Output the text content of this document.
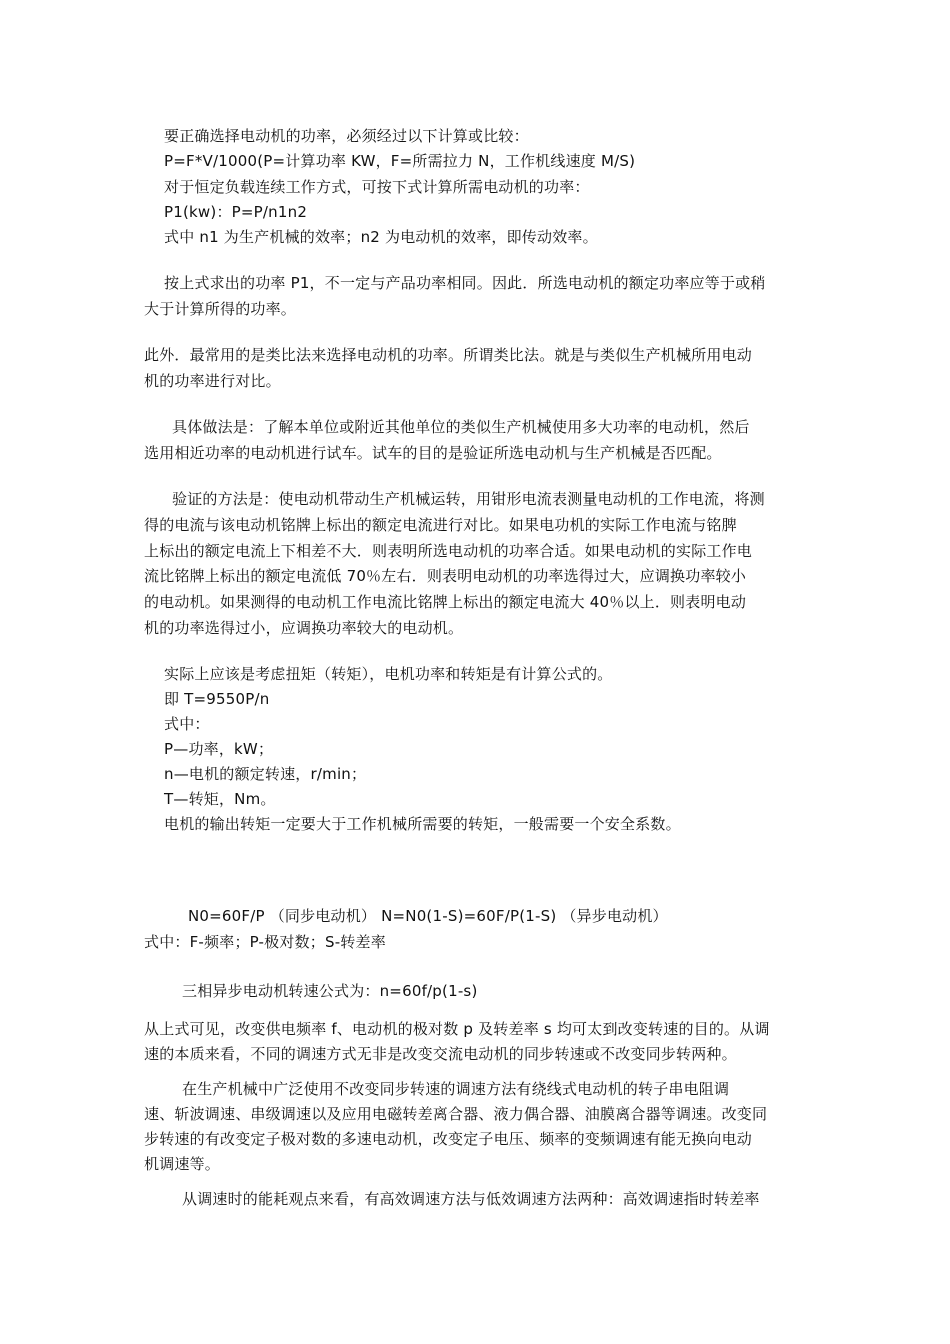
要正确选择电动机的功率，必须经过以下计算或比较：
P=F*V/1000(P=计算功率 KW，F=所需拉力 N，工作机线速度 M/S)
对于恒定负载连续工作方式，可按下式计算所需电动机的功率：
P1(kw)：P=P/n1n2
式中 n1 为生产机械的效率；n2 为电动机的效率，即传动效率。
按上式求出的功率 P1，不一定与产品功率相同。因此．所选电动机的额定功率应等于或稍
大于计算所得的功率。
此外．最常用的是类比法来选择电动机的功率。所谓类比法。就是与类似生产机械所用电动
机的功率进行对比。
具体做法是：了解本单位或附近其他单位的类似生产机械使用多大功率的电动机，然后
选用相近功率的电动机进行试车。试车的目的是验证所选电动机与生产机械是否匹配。
验证的方法是：使电动机带动生产机械运转，用钳形电流表测量电动机的工作电流，将测
得的电流与该电动机铭牌上标出的额定电流进行对比。如果电功机的实际工作电流与铭脾
上标出的额定电流上下相差不大．则表明所选电动机的功率合适。如果电动机的实际工作电
流比铭牌上标出的额定电流低 70％左右．则表明电动机的功率选得过大，应调换功率较小
的电动机。如果测得的电动机工作电流比铭牌上标出的额定电流大 40％以上．则表明电动
机的功率选得过小，应调换功率较大的电动机。
实际上应该是考虑扭矩（转矩），电机功率和转矩是有计算公式的。
即 T=9550P/n
式中：
P—功率，kW；
n—电机的额定转速，r/min；
T—转矩，Nm。
电机的输出转矩一定要大于工作机械所需要的转矩，一般需要一个安全系数。
N0=60F/P （同步电动机） N=N0(1-S)=60F/P(1-S) （异步电动机）
式中：F-频率；P-极对数；S-转差率
三相异步电动机转速公式为：n=60f/p(1-s)
从上式可见，改变供电频率 f、电动机的极对数 p 及转差率 s 均可太到改变转速的目的。从调
速的本质来看，不同的调速方式无非是改变交流电动机的同步转速或不改变同步转两种。
在生产机械中广泛使用不改变同步转速的调速方法有绕线式电动机的转子串电阻调
速、斩波调速、串级调速以及应用电磁转差离合器、液力偶合器、油膜离合器等调速。改变同
步转速的有改变定子极对数的多速电动机，改变定子电压、频率的变频调速有能无换向电动
机调速等。
从调速时的能耗观点来看，有高效调速方法与低效调速方法两种：高效调速指时转差率
